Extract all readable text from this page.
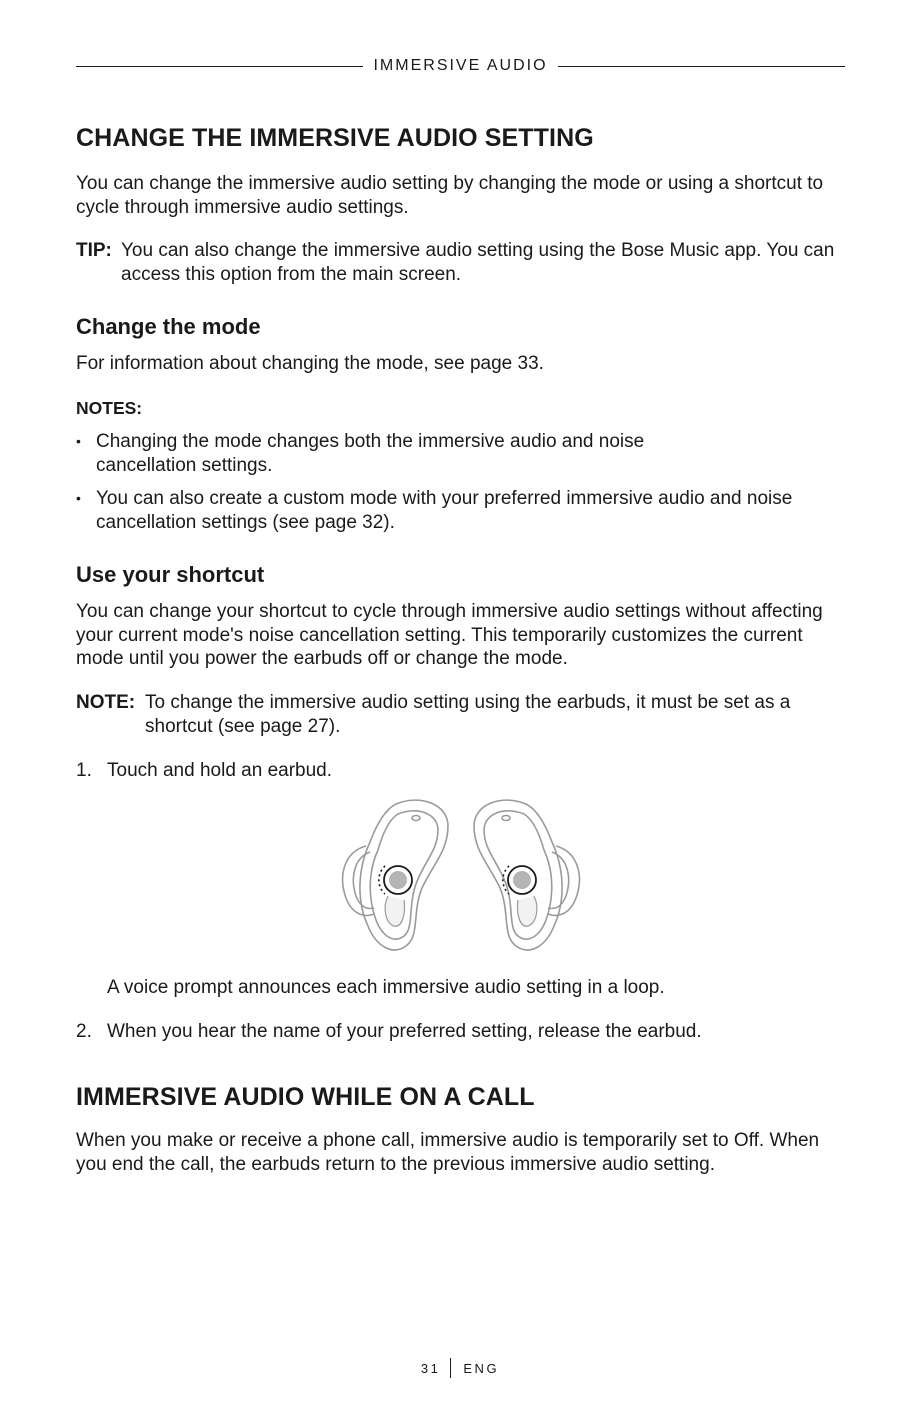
IMMERSIVE AUDIO
CHANGE THE IMMERSIVE AUDIO SETTING
You can change the immersive audio setting by changing the mode or using a shortcut to cycle through immersive audio settings.
TIP: You can also change the immersive audio setting using the Bose Music app. You can access this option from the main screen.
Change the mode
For information about changing the mode, see page 33.
NOTES:
• Changing the mode changes both the immersive audio and noise cancellation settings.
• You can also create a custom mode with your preferred immersive audio and noise cancellation settings (see page 32).
Use your shortcut
You can change your shortcut to cycle through immersive audio settings without affecting your current mode's noise cancellation setting. This temporarily customizes the current mode until you power the earbuds off or change the mode.
NOTE: To change the immersive audio setting using the earbuds, it must be set as a shortcut (see page 27).
1. Touch and hold an earbud.
A voice prompt announces each immersive audio setting in a loop.
2. When you hear the name of your preferred setting, release the earbud.
IMMERSIVE AUDIO WHILE ON A CALL
When you make or receive a phone call, immersive audio is temporarily set to Off. When you end the call, the earbuds return to the previous immersive audio setting.
31 ENG
